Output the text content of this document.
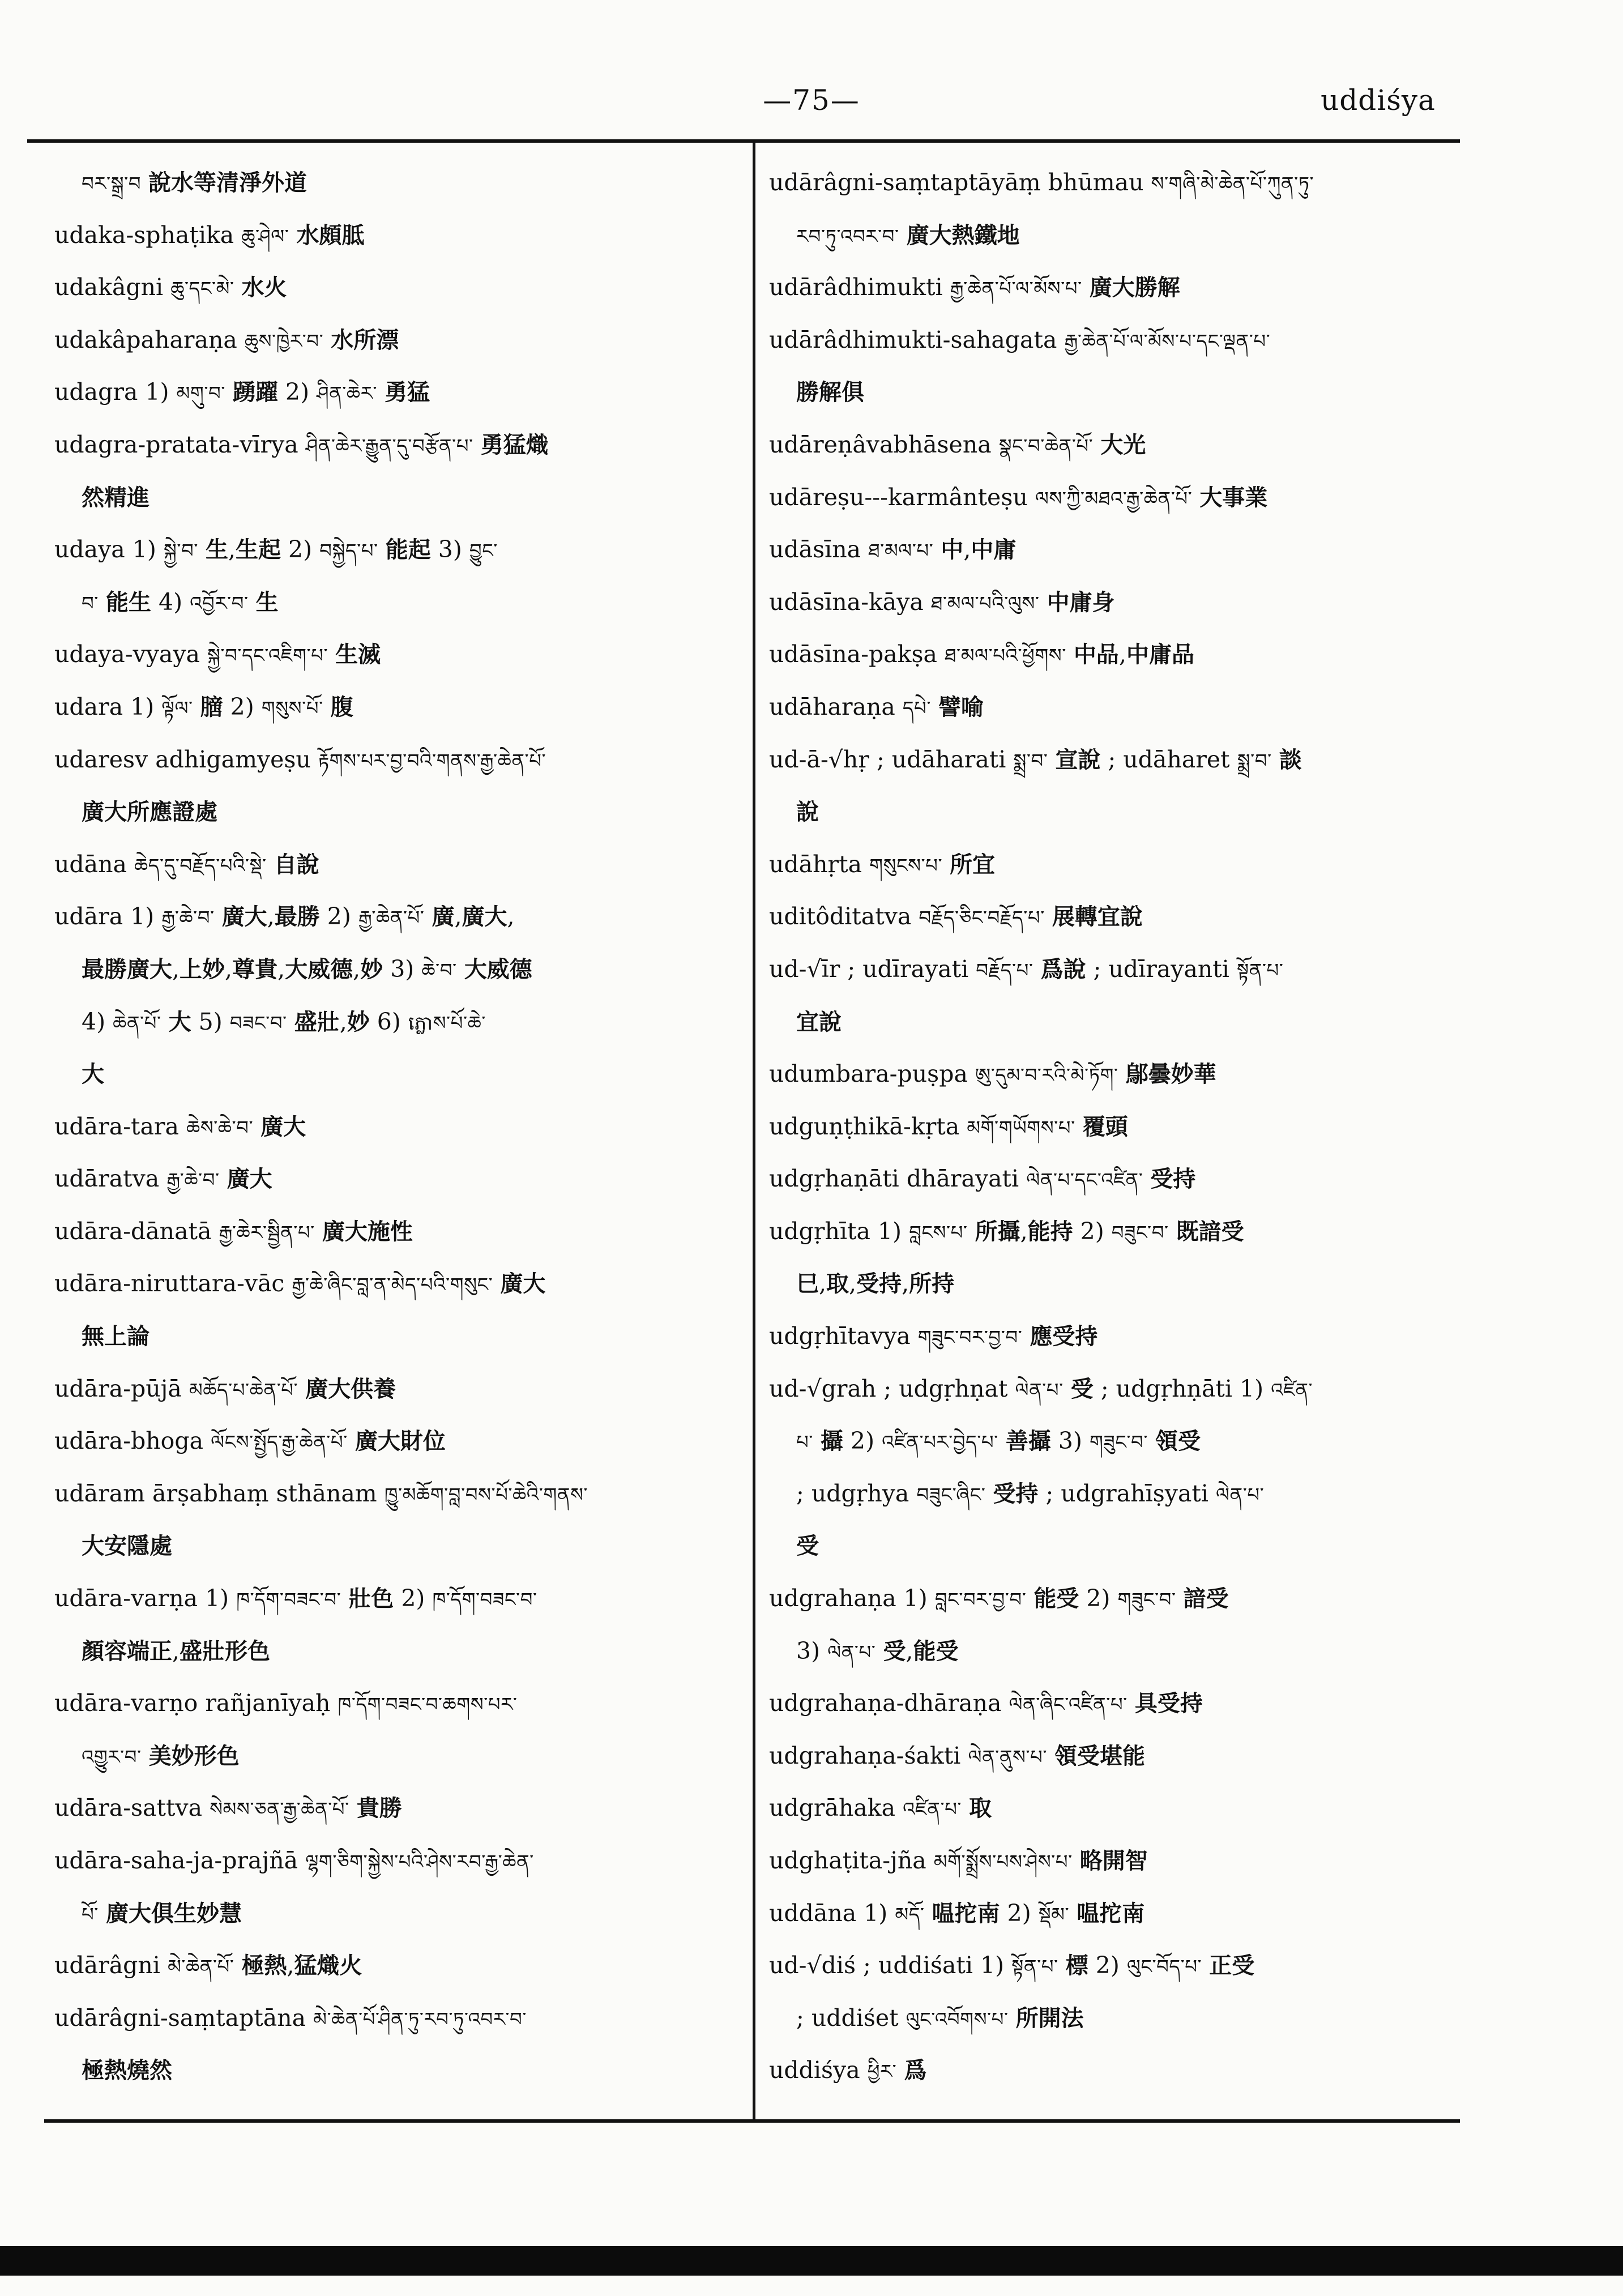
—75—	uddiśya
བར་སྒྲ་བ 說水等清淨外道
udaka-sphaṭika ཆུ་ཤེལ་ 水頗胝
udakâgni ཆུ་དང་མེ་ 水火
udakâpaharaṇa ཆུས་ཁྱེར་བ་ 水所漂
udagra 1) མགུ་བ་ 踴躍 2) ཤིན་ཆེར་ 勇猛
udagra-pratata-vīrya ཤིན་ཆེར་རྒྱུན་དུ་བརྩོན་པ་ 勇猛熾
然精進
udaya 1) སྐྱེ་བ་ 生,生起 2) བསྐྱེད་པ་ 能起 3) བྱུང་
བ་ 能生 4) འབྱོར་བ་ 生
udaya-vyaya སྐྱེ་བ་དང་འཇིག་པ་ 生滅
udara 1) ལྟོལ་ 膪 2) གསུས་པོ་ 腹
udaresv adhigamyeṣu རྟོགས་པར་བྱ་བའི་གནས་རྒྱ་ཆེན་པོ་
廣大所應證處
udāna ཆེད་དུ་བརྗོད་པའི་སྡེ་ 自說
udāra 1) རྒྱ་ཆེ་བ་ 廣大,最勝 2) རྒྱ་ཆེན་པོ་ 廣,廣大,
最勝廣大,上妙,尊貴,大威德,妙 3) ཆེ་བ་ 大威德
4) ཆེན་པོ་ 大 5) བཟང་བ་ 盛壯,妙 6) ភ្លោས་པོ་ཆེ་
大
udāra-tara ཆེས་ཆེ་བ་ 廣大
udāratva རྒྱ་ཆེ་བ་ 廣大
udāra-dānatā རྒྱ་ཆེར་སྦྱིན་པ་ 廣大施性
udāra-niruttara-vāc རྒྱ་ཆེ་ཞིང་བླ་ན་མེད་པའི་གསུང་ 廣大
無上論
udāra-pūjā མཆོད་པ་ཆེན་པོ་ 廣大供養
udāra-bhoga ལོངས་སྤྱོད་རྒྱ་ཆེན་པོ་ 廣大財位
udāram ārṣabhaṃ sthānam ཁྱུ་མཆོག་བླ་བས་པོ་ཆེའི་གནས་
大安隱處
udāra-varṇa 1) ཁ་དོག་བཟང་བ་ 壯色 2) ཁ་དོག་བཟང་བ་
顏容端正,盛壯形色
udāra-varṇo rañjanīyaḥ ཁ་དོག་བཟང་བ་ཆགས་པར་
འགྱུར་བ་ 美妙形色
udāra-sattva སེམས་ཅན་རྒྱ་ཆེན་པོ་ 貴勝
udāra-saha-ja-prajñā ལྷག་ཅིག་སྐྱེས་པའི་ཤེས་རབ་རྒྱ་ཆེན་
པོ་ 廣大俱生妙慧
udārâgni མེ་ཆེན་པོ་ 極熱,猛熾火
udārâgni-saṃtaptāna མེ་ཆེན་པོ་ཤིན་ཏུ་རབ་ཏུ་འབར་བ་
極熱燒然
udārâgni-saṃtaptāyāṃ bhūmau ས་གཞི་མེ་ཆེན་པོ་ཀུན་ཏུ་
རབ་ཏུ་འབར་བ་ 廣大熱鐵地
udārâdhimukti རྒྱ་ཆེན་པོ་ལ་མོས་པ་ 廣大勝解
udārâdhimukti-sahagata རྒྱ་ཆེན་པོ་ལ་མོས་པ་དང་ལྡན་པ་
勝解俱
udāreṇâvabhāsena སྣང་བ་ཆེན་པོ་ 大光
udāreṣu---karmânteṣu ལས་ཀྱི་མཐའ་རྒྱ་ཆེན་པོ་ 大事業
udāsīna ཐ་མལ་པ་ 中,中庸
udāsīna-kāya ཐ་མལ་པའི་ལུས་ 中庸身
udāsīna-pakṣa ཐ་མལ་པའི་ཕྱོགས་ 中品,中庸品
udāharaṇa དཔེ་ 譬喻
ud-ā-√hṛ ; udāharati སྨྲ་བ་ 宣說 ; udāharet སྨྲ་བ་ 談
說
udāhṛta གསུངས་པ་ 所宜
uditôditatva བརྗོད་ཅིང་བརྗོད་པ་ 展轉宜說
ud-√īr ; udīrayati བརྗོད་པ་ 爲說 ; udīrayanti སྟོན་པ་
宜說
udumbara-puṣpa ཨུ་དུམ་བ་རའི་མེ་ཏོག་ 鄔曇妙華
udguṇṭhikā-kṛta མགོ་གཡོགས་པ་ 覆頭
udgṛhaṇāti dhārayati ལེན་པ་དང་འཛིན་ 受持
udgṛhīta 1) བླངས་པ་ 所攝,能持 2) བཟུང་བ་ 既諳受
巳,取,受持,所持
udgṛhītavya གཟུང་བར་བྱ་བ་ 應受持
ud-√grah ; udgṛhṇat ལེན་པ་ 受 ; udgṛhṇāti 1) འཛིན་
པ་ 攝 2) འཛིན་པར་བྱེད་པ་ 善攝 3) གཟུང་བ་ 領受
; udgṛhya བཟུང་ཞིང་ 受持 ; udgrahīṣyati ལེན་པ་
受
udgrahaṇa 1) བླང་བར་བྱ་བ་ 能受 2) གཟུང་བ་ 諳受
3) ལེན་པ་ 受,能受
udgrahaṇa-dhāraṇa ལེན་ཞིང་འཛིན་པ་ 具受持
udgrahaṇa-śakti ལེན་ནུས་པ་ 領受堪能
udgrāhaka འཛིན་པ་ 取
udghaṭita-jña མགོ་སྨྲོས་པས་ཤེས་པ་ 略開智
uddāna 1) མདོ་ 嗢拕南 2) སྡོམ་ 嗢拕南
ud-√diś ; uddiśati 1) སྟོན་པ་ 標 2) ལུང་བོད་པ་ 正受
; uddiśet ལུང་འབོགས་པ་ 所開法
uddiśya ཕྱིར་ 爲
